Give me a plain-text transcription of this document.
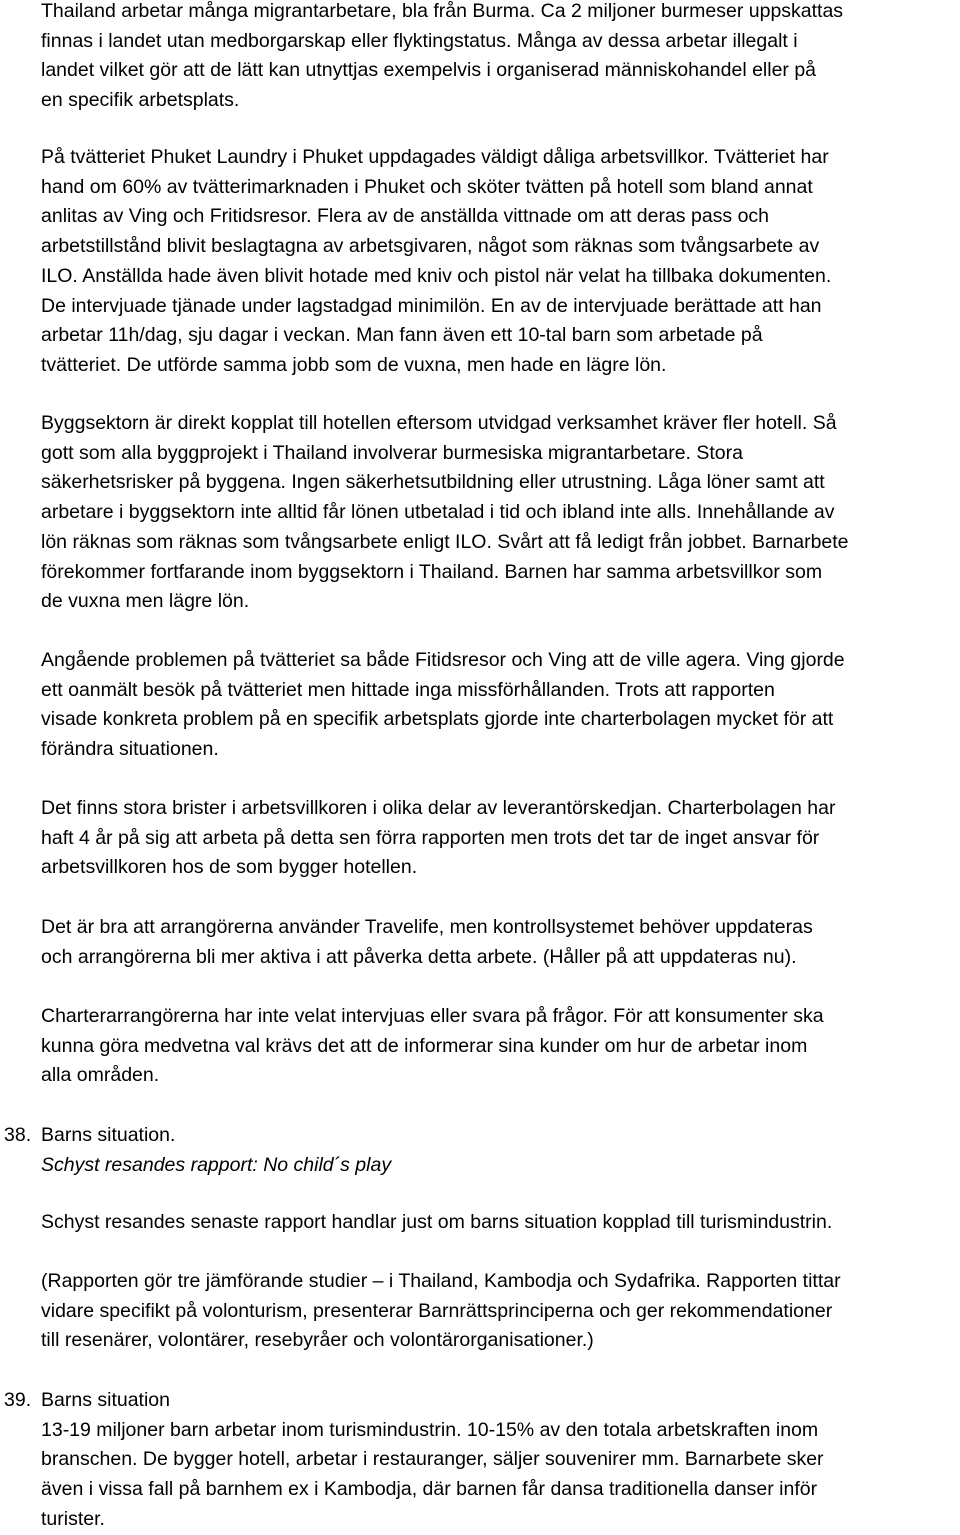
Thailand arbetar många migrantarbetare, bla från Burma. Ca 2 miljoner burmeser uppskattas
finnas i landet utan medborgarskap eller flyktingstatus. Många av dessa arbetar illegalt i
landet vilket gör att de lätt kan utnyttjas exempelvis i organiserad människohandel eller på
en specifik arbetsplats.
På tvätteriet Phuket Laundry i Phuket uppdagades väldigt dåliga arbetsvillkor. Tvätteriet har
hand om 60% av tvätterimarknaden i Phuket och sköter tvätten på hotell som bland annat
anlitas av Ving och Fritidsresor. Flera av de anställda vittnade om att deras pass och
arbetstillstånd blivit beslagtagna av arbetsgivaren, något som räknas som tvångsarbete av
ILO. Anställda hade även blivit hotade med kniv och pistol när velat ha tillbaka dokumenten.
De intervjuade tjänade under lagstadgad minimilön. En av de intervjuade berättade att han
arbetar 11h/dag, sju dagar i veckan. Man fann även ett 10-tal barn som arbetade på
tvätteriet. De utförde samma jobb som de vuxna, men hade en lägre lön.
Byggsektorn är direkt kopplat till hotellen eftersom utvidgad verksamhet kräver fler hotell. Så
gott som alla byggprojekt i Thailand involverar burmesiska migrantarbetare. Stora
säkerhetsrisker på byggena. Ingen säkerhetsutbildning eller utrustning. Låga löner samt att
arbetare i byggsektorn inte alltid får lönen utbetalad i tid och ibland inte alls. Innehållande av
lön räknas som räknas som tvångsarbete enligt ILO. Svårt att få ledigt från jobbet. Barnarbete
förekommer fortfarande inom byggsektorn i Thailand. Barnen har samma arbetsvillkor som
de vuxna men lägre lön.
Angående problemen på tvätteriet sa både Fitidsresor och Ving att de ville agera. Ving gjorde
ett oanmält besök på tvätteriet men hittade inga missförhållanden. Trots att rapporten
visade konkreta problem på en specifik arbetsplats gjorde inte charterbolagen mycket för att
förändra situationen.
Det finns stora brister i arbetsvillkoren i olika delar av leverantörskedjan. Charterbolagen har
haft 4 år på sig att arbeta på detta sen förra rapporten men trots det tar de inget ansvar för
arbetsvillkoren hos de som bygger hotellen.
Det är bra att arrangörerna använder Travelife, men kontrollsystemet behöver uppdateras
och arrangörerna bli mer aktiva i att påverka detta arbete. (Håller på att uppdateras nu).
Charterarrangörerna har inte velat intervjuas eller svara på frågor. För att konsumenter ska
kunna göra medvetna val krävs det att de informerar sina kunder om hur de arbetar inom
alla områden.
38. Barns situation.
Schyst resandes rapport: No child´s play
Schyst resandes senaste rapport handlar just om barns situation kopplad till turismindustrin.
(Rapporten gör tre jämförande studier – i Thailand, Kambodja och Sydafrika. Rapporten tittar
vidare specifikt på volonturism, presenterar Barnrättsprinciperna och ger rekommendationer
till resenärer, volontärer, resebyråer och volontärorganisationer.)
39. Barns situation
13-19 miljoner barn arbetar inom turismindustrin. 10-15% av den totala arbetskraften inom
branschen. De bygger hotell, arbetar i restauranger, säljer souvenirer mm. Barnarbete sker
även i vissa fall på barnhem ex i Kambodja, där barnen får dansa traditionella danser inför
turister.
